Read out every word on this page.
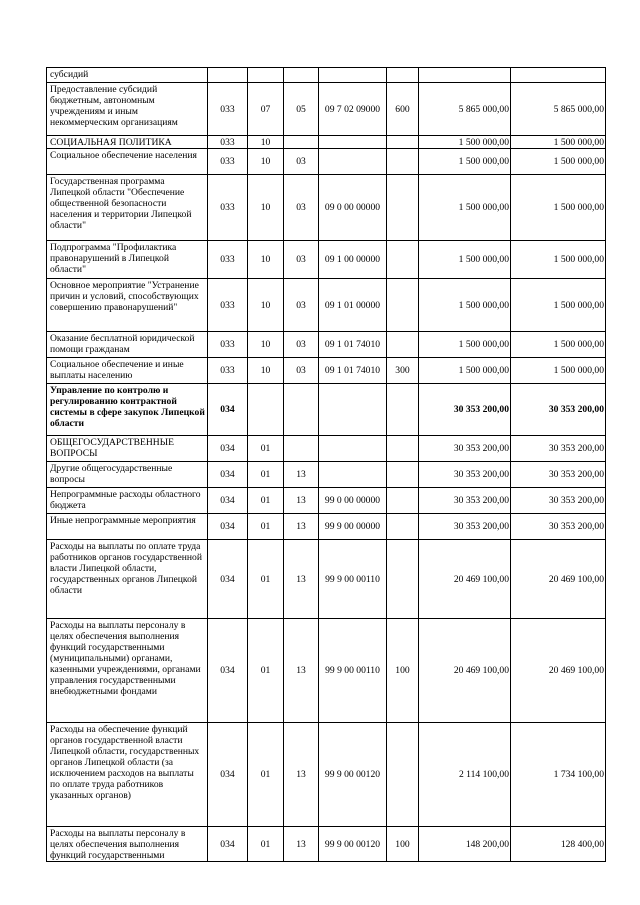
субсидий							
Предоставление субсидий бюджетным, автономным учреждениям и иным некоммерческим организациям	033	07	05	09 7 02 09000	600	5 865 000,00	5 865 000,00
СОЦИАЛЬНАЯ ПОЛИТИКА	033	10				1 500 000,00	1 500 000,00
Социальное обеспечение населения	033	10	03			1 500 000,00	1 500 000,00
Государственная программа Липецкой области "Обеспечение общественной безопасности населения и территории Липецкой области"	033	10	03	09 0 00 00000		1 500 000,00	1 500 000,00
Подпрограмма "Профилактика правонарушений в Липецкой области"	033	10	03	09 1 00 00000		1 500 000,00	1 500 000,00
Основное мероприятие "Устранение причин и условий, способствующих совершению правонарушений"	033	10	03	09 1 01 00000		1 500 000,00	1 500 000,00
Оказание бесплатной юридической помощи гражданам	033	10	03	09 1 01 74010		1 500 000,00	1 500 000,00
Социальное обеспечение и иные выплаты населению	033	10	03	09 1 01 74010	300	1 500 000,00	1 500 000,00
Управление по контролю и регулированию контрактной системы в сфере закупок Липецкой области	034					30 353 200,00	30 353 200,00
ОБЩЕГОСУДАРСТВЕННЫЕ ВОПРОСЫ	034	01				30 353 200,00	30 353 200,00
Другие общегосударственные вопросы	034	01	13			30 353 200,00	30 353 200,00
Непрограммные расходы областного бюджета	034	01	13	99 0 00 00000		30 353 200,00	30 353 200,00
Иные непрограммные мероприятия	034	01	13	99 9 00 00000		30 353 200,00	30 353 200,00
Расходы на выплаты по оплате труда работников органов государственной власти Липецкой области, государственных органов Липецкой области	034	01	13	99 9 00 00110		20 469 100,00	20 469 100,00
Расходы на выплаты персоналу в целях обеспечения выполнения функций государственными (муниципальными) органами, казенными учреждениями, органами управления государственными внебюджетными фондами	034	01	13	99 9 00 00110	100	20 469 100,00	20 469 100,00
Расходы на обеспечение функций органов государственной власти Липецкой области, государственных органов Липецкой области (за исключением расходов на выплаты по оплате труда работников указанных органов)	034	01	13	99 9 00 00120		2 114 100,00	1 734 100,00
Расходы на выплаты персоналу в целях обеспечения выполнения функций государственными	034	01	13	99 9 00 00120	100	148 200,00	128 400,00
